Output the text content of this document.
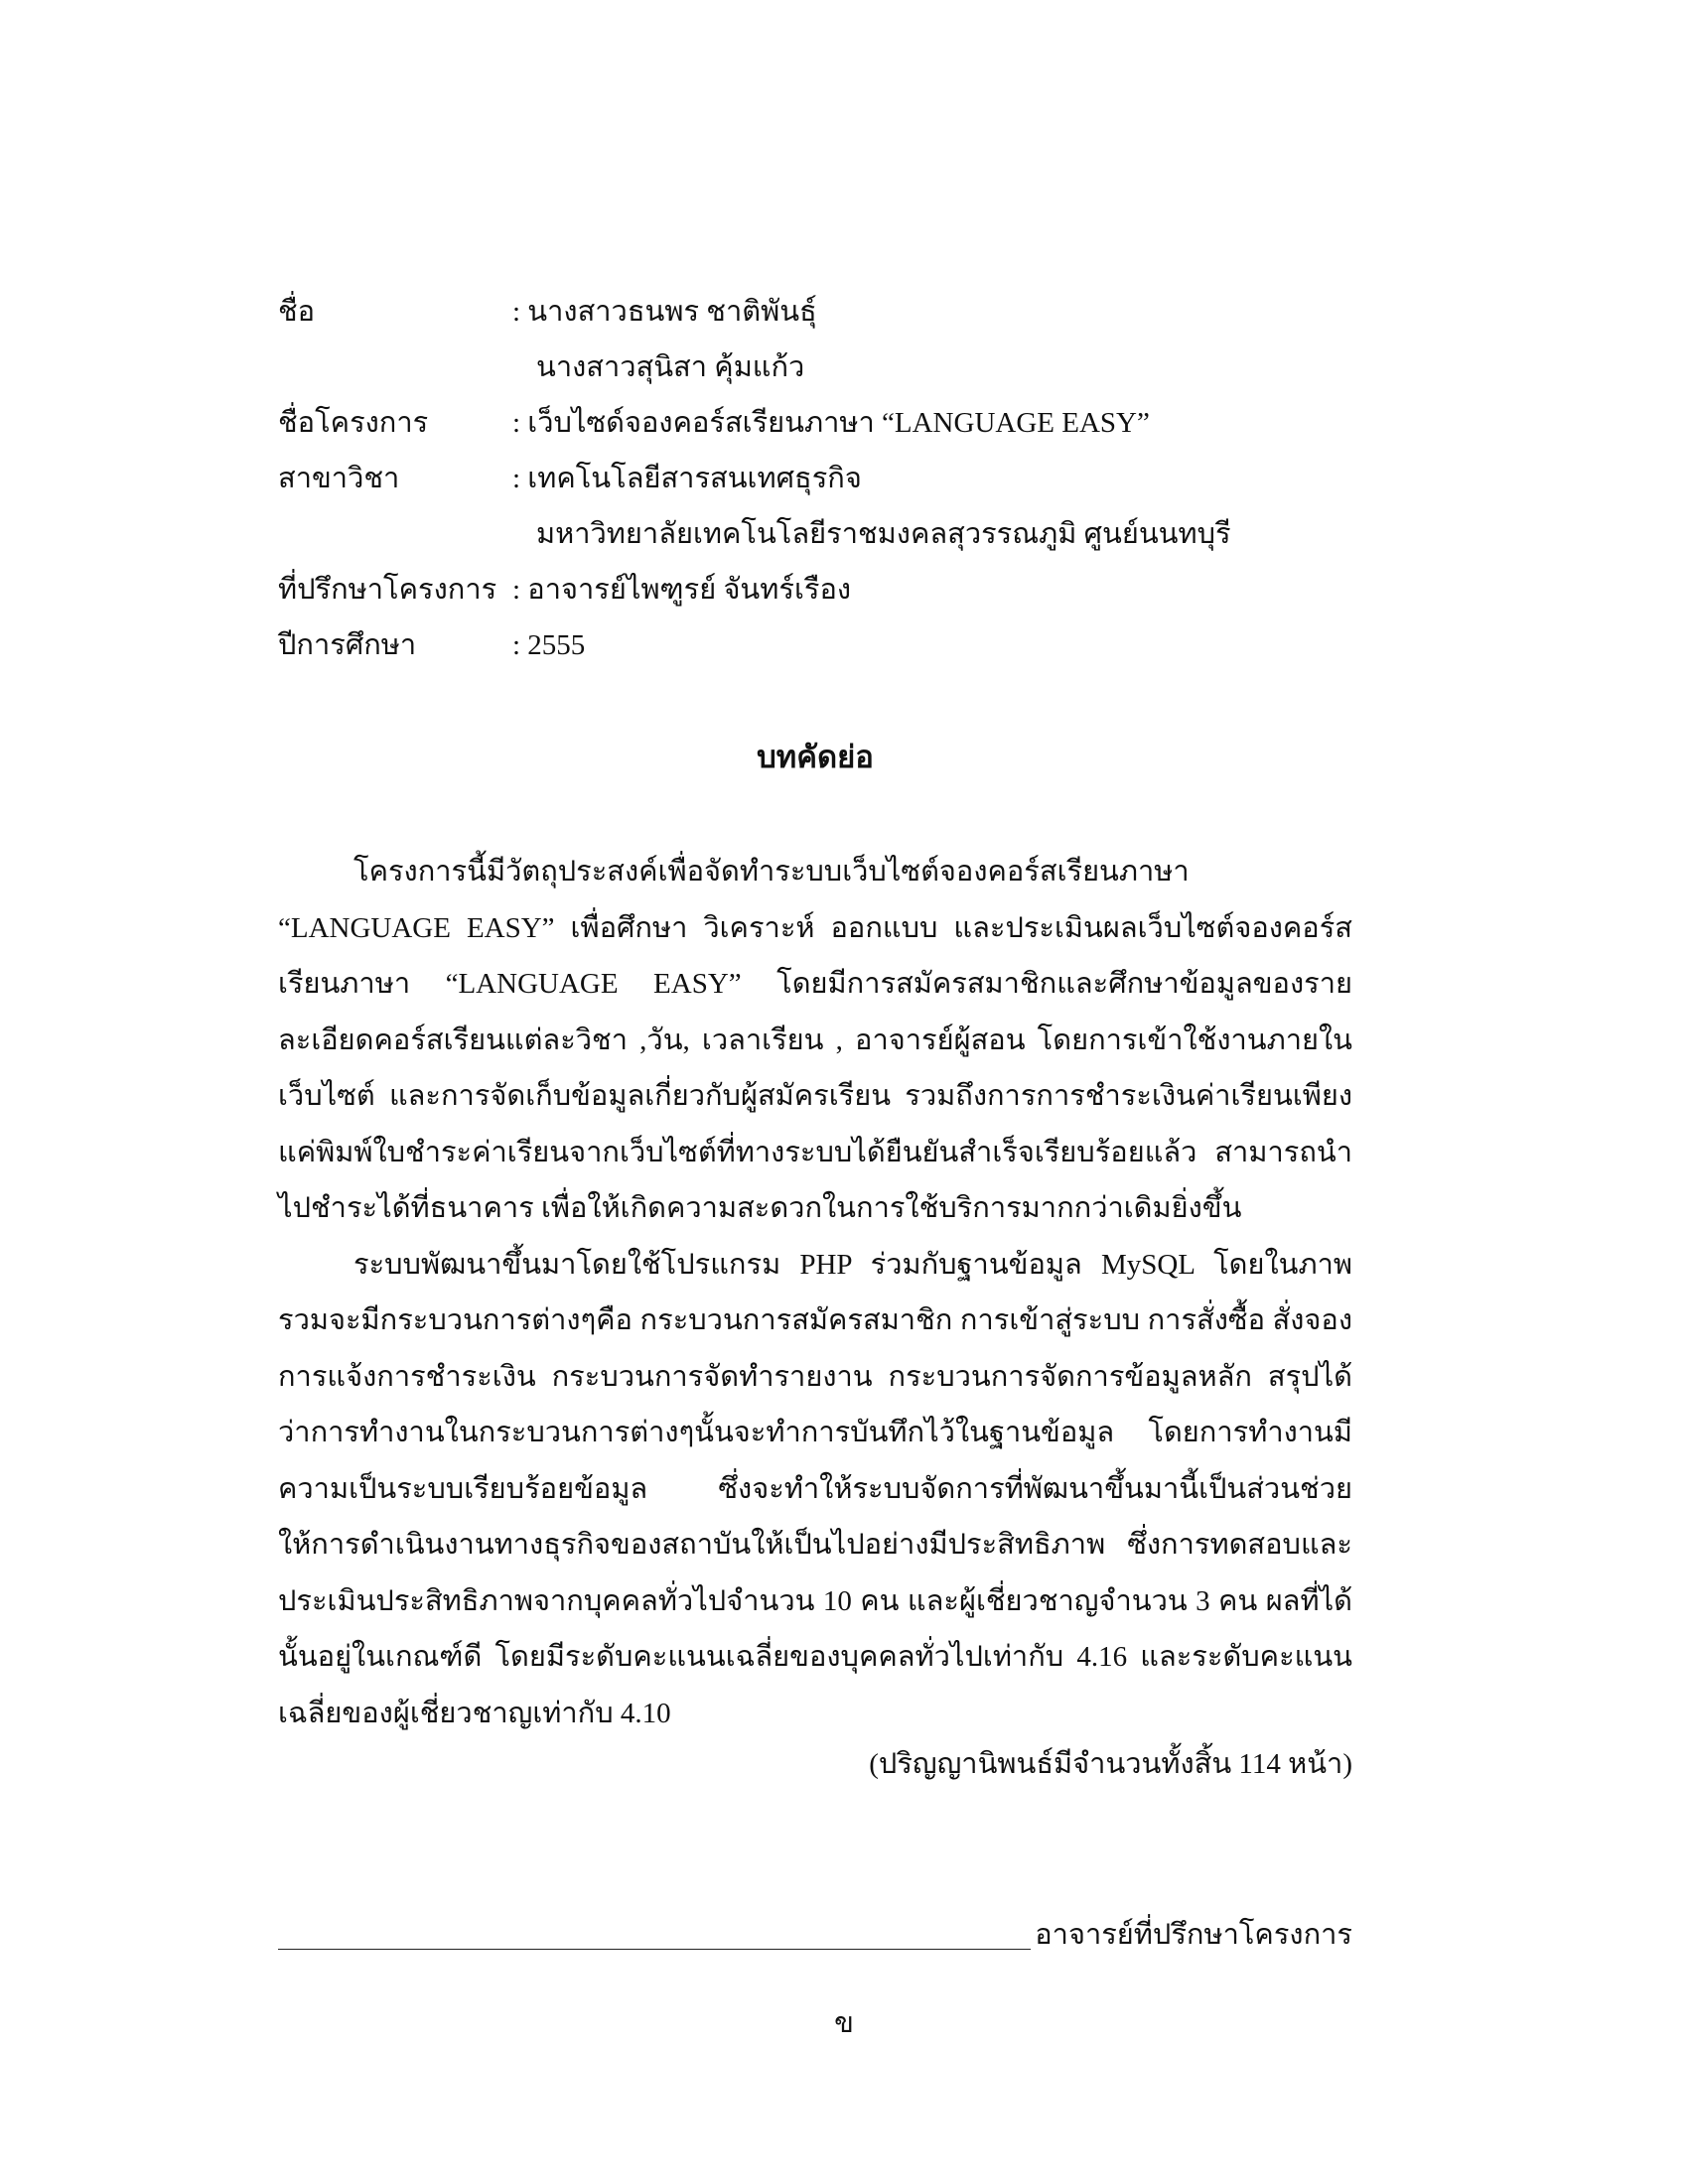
ชื่อ	: นางสาวธนพร ชาติพันธุ์
นางสาวสุนิสา คุ้มแก้ว
ชื่อโครงการ	: เว็บไซด์จองคอร์สเรียนภาษา “LANGUAGE EASY”
สาขาวิชา	: เทคโนโลยีสารสนเทศธุรกิจ
มหาวิทยาลัยเทคโนโลยีราชมงคลสุวรรณภูมิ ศูนย์นนทบุรี
ที่ปรึกษาโครงการ : อาจารย์ไพฑูรย์ จันทร์เรือง
ปีการศึกษา	: 2555
บทคัดย่อ

โครงการนี้มีวัตถุประสงค์เพื่อจัดทำระบบเว็บไซต์จองคอร์สเรียนภาษา “LANGUAGE EASY” เพื่อศึกษา วิเคราะห์ ออกแบบ และประเมินผลเว็บไซต์จองคอร์สเรียนภาษา “LANGUAGE EASY” โดยมีการสมัครสมาชิกและศึกษาข้อมูลของรายละเอียดคอร์สเรียนแต่ละวิชา ,วัน, เวลาเรียน , อาจารย์ผู้สอน โดยการเข้าใช้งานภายในเว็บไซต์ และการจัดเก็บข้อมูลเกี่ยวกับผู้สมัครเรียน รวมถึงการการชำระเงินค่าเรียนเพียงแค่พิมพ์ใบชำระค่าเรียนจากเว็บไซต์ที่ทางระบบได้ยืนยันสำเร็จเรียบร้อยแล้ว สามารถนำไปชำระได้ที่ธนาคาร เพื่อให้เกิดความสะดวกในการใช้บริการมากกว่าเดิมยิ่งขึ้น

ระบบพัฒนาขึ้นมาโดยใช้โปรแกรม PHP ร่วมกับฐานข้อมูล MySQL โดยในภาพรวมจะมีกระบวนการต่างๆคือ กระบวนการสมัครสมาชิก การเข้าสู่ระบบ การสั่งซื้อ สั่งจอง การแจ้งการชำระเงิน กระบวนการจัดทำรายงาน กระบวนการจัดการข้อมูลหลัก สรุปได้ว่าการทำงานในกระบวนการต่างๆนั้นจะทำการบันทึกไว้ในฐานข้อมูล โดยการทำงานมีความเป็นระบบเรียบร้อยข้อมูล ซึ่งจะทำให้ระบบจัดการที่พัฒนาขึ้นมานี้เป็นส่วนช่วยให้การดำเนินงานทางธุรกิจของสถาบันให้เป็นไปอย่างมีประสิทธิภาพ ซึ่งการทดสอบและประเมินประสิทธิภาพจากบุคคลทั่วไปจำนวน 10 คน และผู้เชี่ยวชาญจำนวน 3 คน ผลที่ได้นั้นอยู่ในเกณฑ์ดี โดยมีระดับคะแนนเฉลี่ยของบุคคลทั่วไปเท่ากับ 4.16 และระดับคะแนนเฉลี่ยของผู้เชี่ยวชาญเท่ากับ 4.10

(ปริญญานิพนธ์มีจำนวนทั้งสิ้น 114 หน้า)
อาจารย์ที่ปรึกษาโครงการ
ข
